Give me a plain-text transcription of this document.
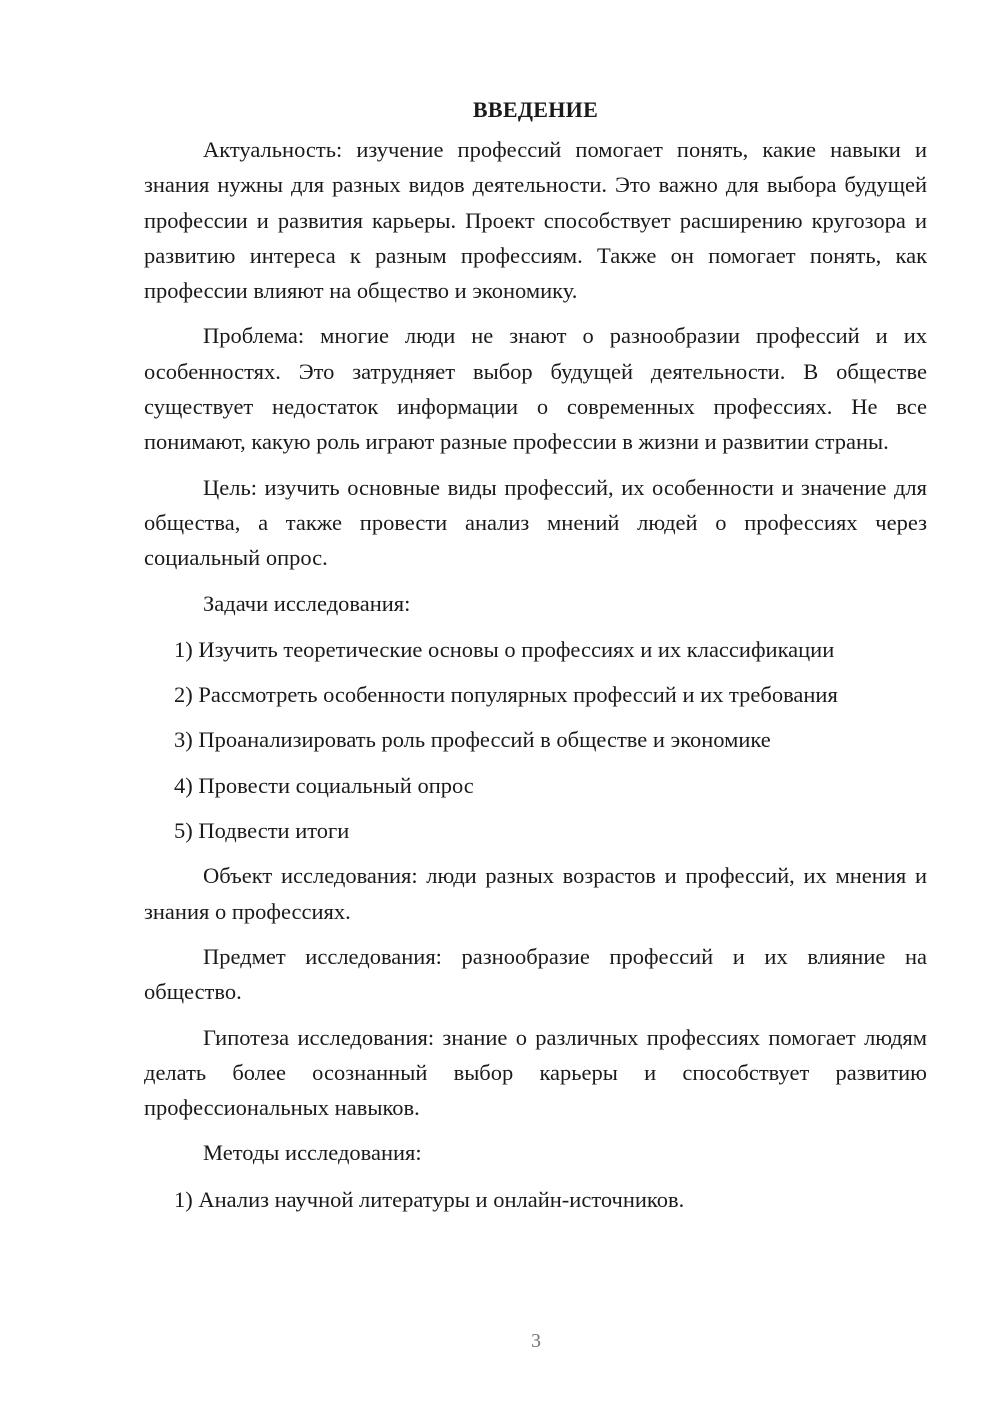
ВВЕДЕНИЕ

Актуальность: изучение профессий помогает понять, какие навыки и знания нужны для разных видов деятельности. Это важно для выбора будущей профессии и развития карьеры. Проект способствует расширению кругозора и развитию интереса к разным профессиям. Также он помогает понять, как профессии влияют на общество и экономику.

Проблема: многие люди не знают о разнообразии профессий и их особенностях. Это затрудняет выбор будущей деятельности. В обществе существует недостаток информации о современных профессиях. Не все понимают, какую роль играют разные профессии в жизни и развитии страны.

Цель: изучить основные виды профессий, их особенности и значение для общества, а также провести анализ мнений людей о профессиях через социальный опрос.

Задачи исследования:

1) Изучить теоретические основы о профессиях и их классификации
2) Рассмотреть особенности популярных профессий и их требования
3) Проанализировать роль профессий в обществе и экономике
4) Провести социальный опрос
5) Подвести итоги

Объект исследования: люди разных возрастов и профессий, их мнения и знания о профессиях.

Предмет исследования: разнообразие профессий и их влияние на общество.

Гипотеза исследования: знание о различных профессиях помогает людям делать более осознанный выбор карьеры и способствует развитию профессиональных навыков.

Методы исследования:

1) Анализ научной литературы и онлайн-источников.
3
